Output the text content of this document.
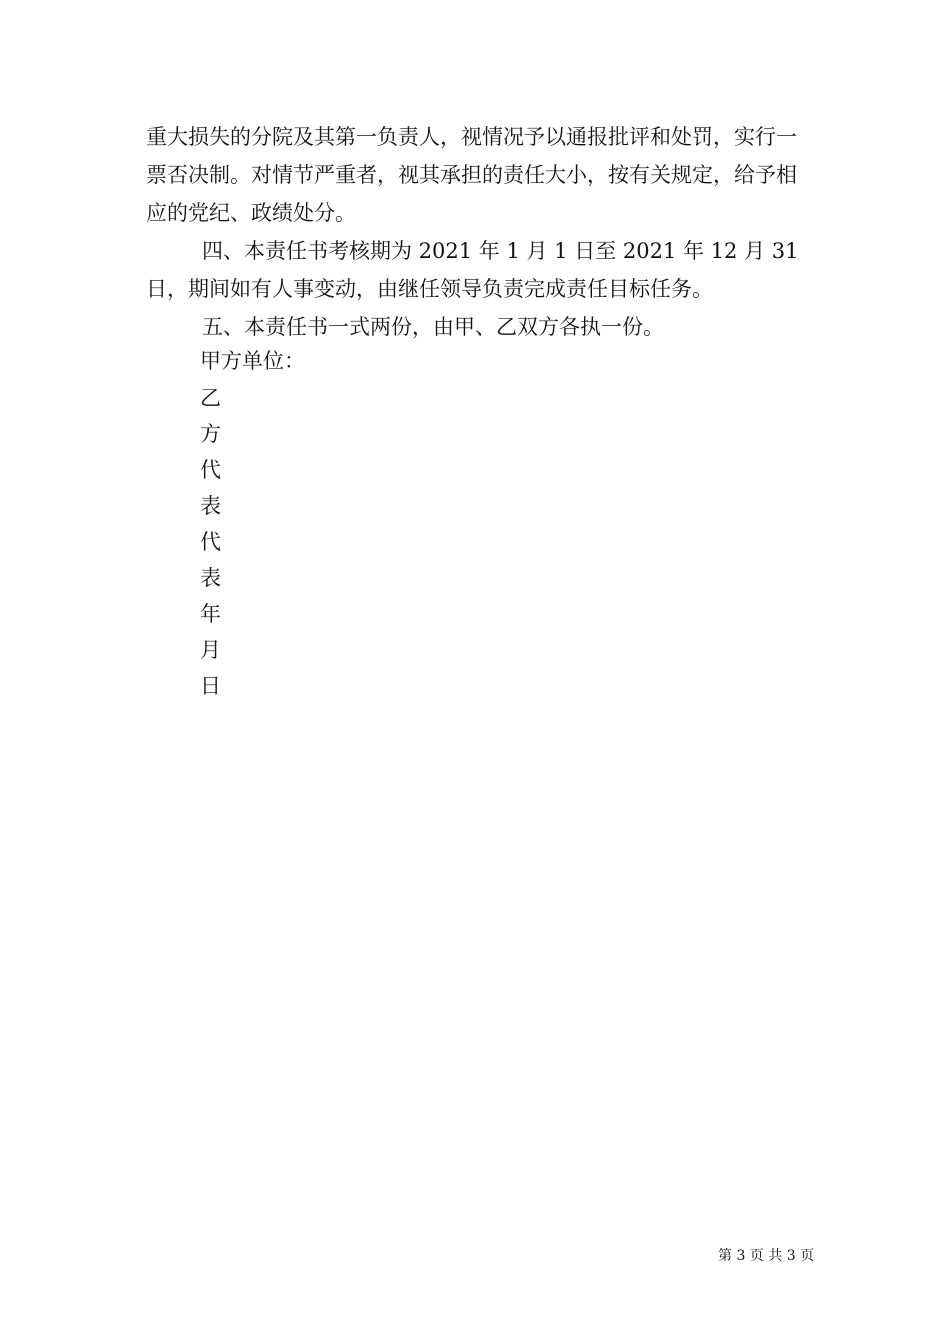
重大损失的分院及其第一负责人，视情况予以通报批评和处罚，实行一票否决制。对情节严重者，视其承担的责任大小，按有关规定，给予相应的党纪、政绩处分。

四、本责任书考核期为 2021 年 1 月 1 日至 2021 年 12 月 31 日，期间如有人事变动，由继任领导负责完成责任目标任务。

五、本责任书一式两份，由甲、乙双方各执一份。

甲方单位：

乙
方
代
表
代
表
年
月
日
第 3 页 共 3 页
